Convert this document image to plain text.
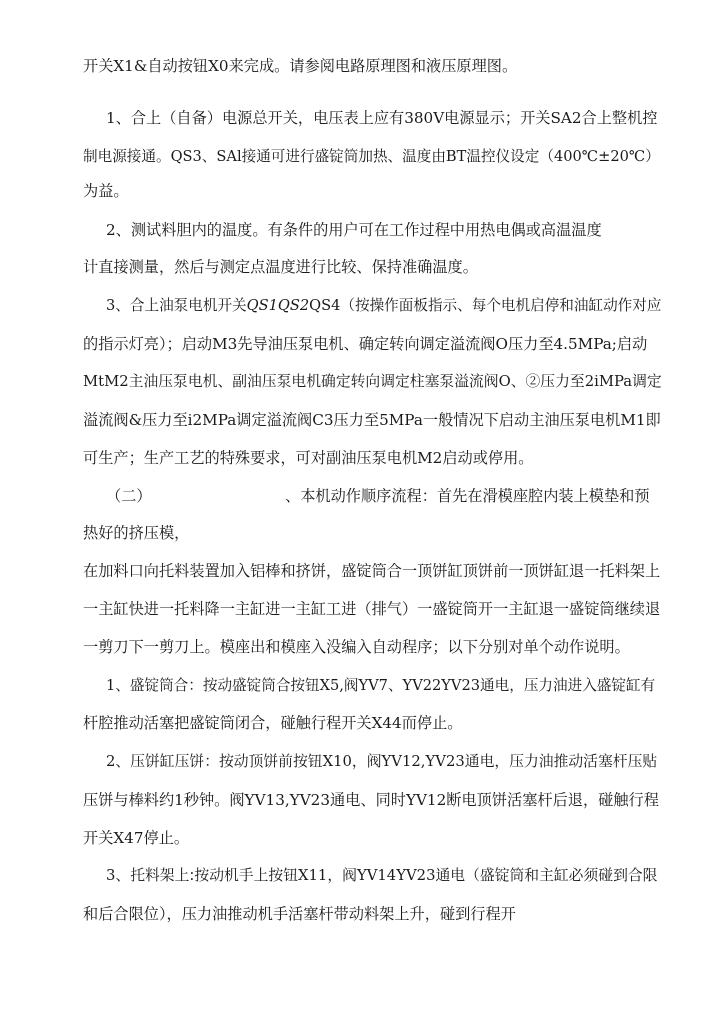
开关X1&自动按钮X0来完成。请参阅电路原理图和液压原理图。

1、合上（自备）电源总开关，电压表上应有380V电源显示；开关SA2合上整机控

制电源接通。QS3、SAl接通可进行盛锭筒加热、温度由BT温控仪设定（400℃±20℃）

为益。

2、测试料胆内的温度。有条件的用户可在工作过程中用热电偶或高温温度

计直接测量，然后与测定点温度进行比较、保持准确温度。

3、合上油泵电机开关QS1QS2QS4（按操作面板指示、每个电机启停和油缸动作对应

的指示灯亮）；启动M3先导油压泵电机、确定转向调定溢流阀O压力至4.5MPa;启动

MtM2主油压泵电机、副油压泵电机确定转向调定柱塞泵溢流阀O、②压力至2iMPa调定

溢流阀&压力至i2MPa调定溢流阀C3压力至5MPa一般情况下启动主油压泵电机M1即

可生产；生产工艺的特殊要求，可对副油压泵电机M2启动或停用。

（二）	、本机动作顺序流程：首先在滑模座腔内装上模垫和预

热好的挤压模，

在加料口向托料装置加入铝棒和挤饼，盛锭筒合一顶饼缸顶饼前一顶饼缸退一托料架上

一主缸快进一托料降一主缸进一主缸工进（排气）一盛锭筒开一主缸退一盛锭筒继续退

一剪刀下一剪刀上。模座出和模座入没编入自动程序；以下分别对单个动作说明。

1、盛锭筒合：按动盛锭筒合按钮X5,阀YV7、YV22YV23通电，压力油进入盛锭缸有

杆腔推动活塞把盛锭筒闭合，碰触行程开关X44而停止。

2、压饼缸压饼：按动顶饼前按钮X10，阀YV12,YV23通电，压力油推动活塞杆压贴

压饼与棒料约1秒钟。阀YV13,YV23通电、同时YV12断电顶饼活塞杆后退，碰触行程

开关X47停止。

3、托料架上:按动机手上按钮X11，阀YV14YV23通电（盛锭筒和主缸必须碰到合限

和后合限位），压力油推动机手活塞杆带动料架上升，碰到行程开
